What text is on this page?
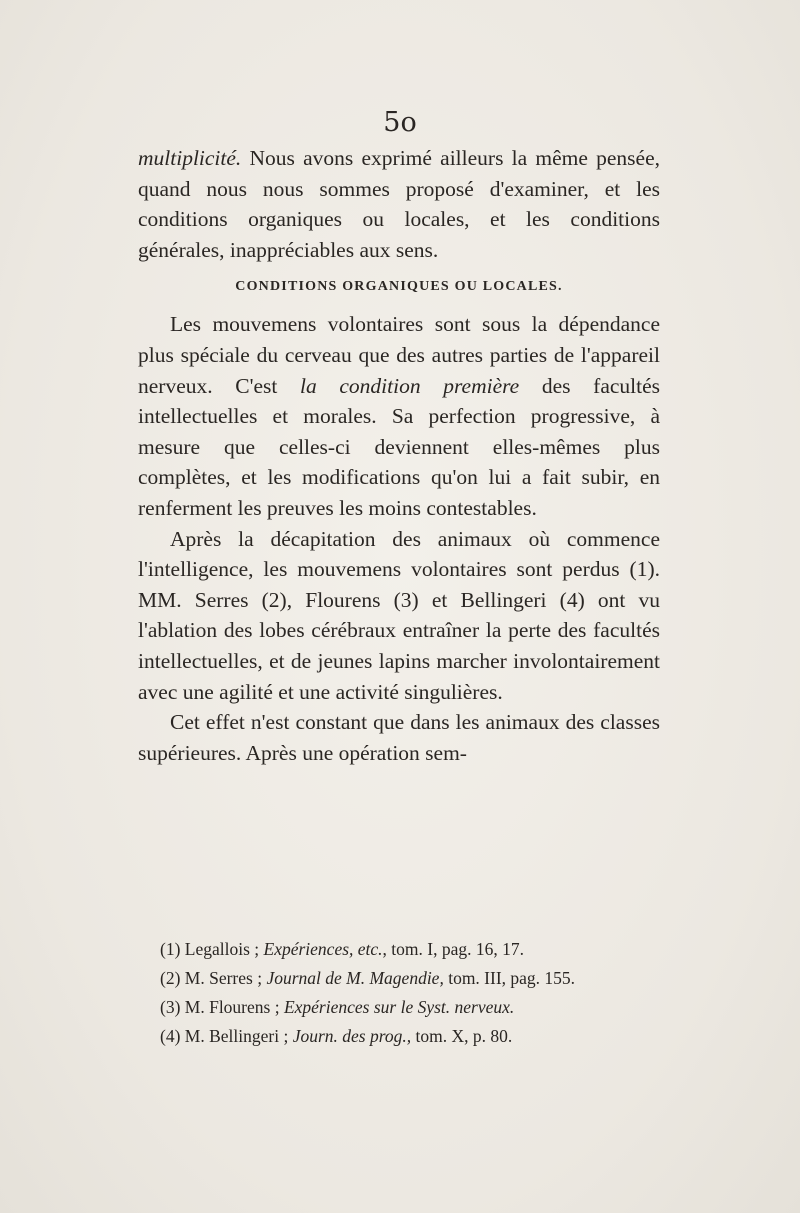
5o

multiplicité. Nous avons exprimé ailleurs la même pensée, quand nous nous sommes proposé d'examiner, et les conditions organiques ou locales, et les conditions générales, inappréciables aux sens.

CONDITIONS ORGANIQUES OU LOCALES.

Les mouvemens volontaires sont sous la dépendance plus spéciale du cerveau que des autres parties de l'appareil nerveux. C'est la condition première des facultés intellectuelles et morales. Sa perfection progressive, à mesure que celles-ci deviennent elles-mêmes plus complètes, et les modifications qu'on lui a fait subir, en renferment les preuves les moins contestables.

Après la décapitation des animaux où commence l'intelligence, les mouvemens volontaires sont perdus (1). MM. Serres (2), Flourens (3) et Bellingeri (4) ont vu l'ablation des lobes cérébraux entraîner la perte des facultés intellectuelles, et de jeunes lapins marcher involontairement avec une agilité et une activité singulières.

Cet effet n'est constant que dans les animaux des classes supérieures. Après une opération sem-

(1) Legallois ; Expériences, etc., tom. I, pag. 16, 17.

(2) M. Serres ; Journal de M. Magendie, tom. III, pag. 155.

(3) M. Flourens ; Expériences sur le Syst. nerveux.

(4) M. Bellingeri ; Journ. des prog., tom. X, p. 80.
